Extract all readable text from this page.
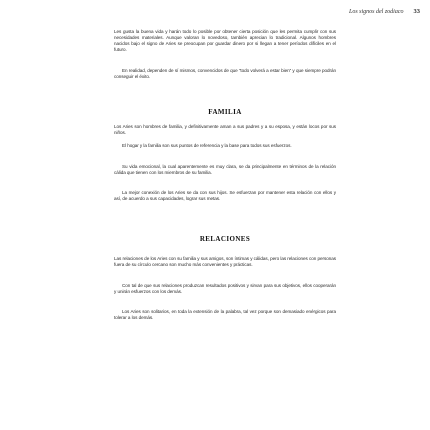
Los signos del zodiaco 33

Les gusta la buena vida y harán todo lo posible por obtener cierta posición que les permita cumplir con sus necesidades materiales. Aunque valoran lo novedoso, también aprecian lo tradicional. Algunos hombres nacidos bajo el signo de Aries se preocupan por guardar dinero por si llegan a tener períodos difíciles en el futuro.

En realidad, dependen de sí mismos, convencidos de que “todo volverá a estar bien” y que siempre podrán conseguir el éxito.

FAMILIA

Los Aries son hombres de familia, y definitivamente aman a sus padres y a su esposa, y están locos por sus niños.

El hogar y la familia son sus puntos de referencia y la base para todos sus esfuerzos.

Su vida emocional, la cual aparentemente es muy clara, se da principalmente en términos de la relación cálida que tienen con los miembros de su familia.

La mejor conexión de los Aries se da con sus hijos. Se esfuerzan por mantener esta relación con ellos y así, de acuerdo a sus capacidades, lograr sus metas.

RELACIONES

Las relaciones de los Aries con su familia y sus amigos, son íntimas y cálidas, pero las relaciones con personas fuera de su círculo cercano son mucho más convenientes y prácticas.

Con tal de que sus relaciones produzcan resultados positivos y sirvan para sus objetivos, ellos cooperarán y unirán esfuerzos con los demás.

Los Aries son solitarios, en toda la extensión de la palabra, tal vez porque son demasiado enérgicos para tolerar a los demás.
